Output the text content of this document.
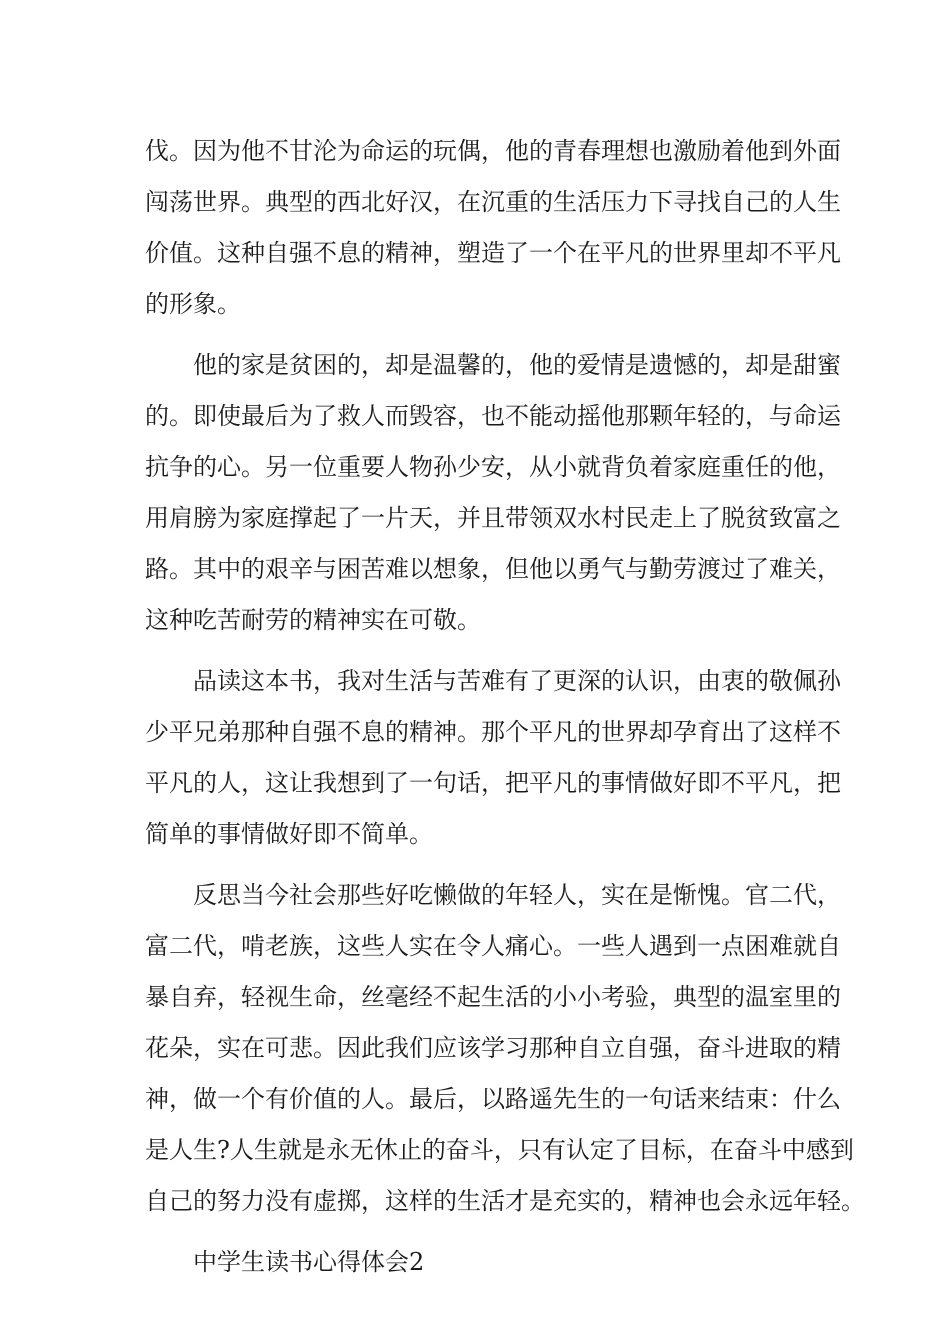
伐。因为他不甘沦为命运的玩偶，他的青春理想也激励着他到外面
闯荡世界。典型的西北好汉，在沉重的生活压力下寻找自己的人生
价值。这种自强不息的精神，塑造了一个在平凡的世界里却不平凡
的形象。
他的家是贫困的，却是温馨的，他的爱情是遗憾的，却是甜蜜
的。即使最后为了救人而毁容，也不能动摇他那颗年轻的，与命运
抗争的心。另一位重要人物孙少安，从小就背负着家庭重任的他，
用肩膀为家庭撑起了一片天，并且带领双水村民走上了脱贫致富之
路。其中的艰辛与困苦难以想象，但他以勇气与勤劳渡过了难关，
这种吃苦耐劳的精神实在可敬。
品读这本书，我对生活与苦难有了更深的认识，由衷的敬佩孙
少平兄弟那种自强不息的精神。那个平凡的世界却孕育出了这样不
平凡的人，这让我想到了一句话，把平凡的事情做好即不平凡，把
简单的事情做好即不简单。
反思当今社会那些好吃懒做的年轻人，实在是惭愧。官二代，
富二代，啃老族，这些人实在令人痛心。一些人遇到一点困难就自
暴自弃，轻视生命，丝毫经不起生活的小小考验，典型的温室里的
花朵，实在可悲。因此我们应该学习那种自立自强，奋斗进取的精
神，做一个有价值的人。最后，以路遥先生的一句话来结束：什么
是人生?人生就是永无休止的奋斗，只有认定了目标，在奋斗中感到
自己的努力没有虚掷，这样的生活才是充实的，精神也会永远年轻。
中学生读书心得体会2
